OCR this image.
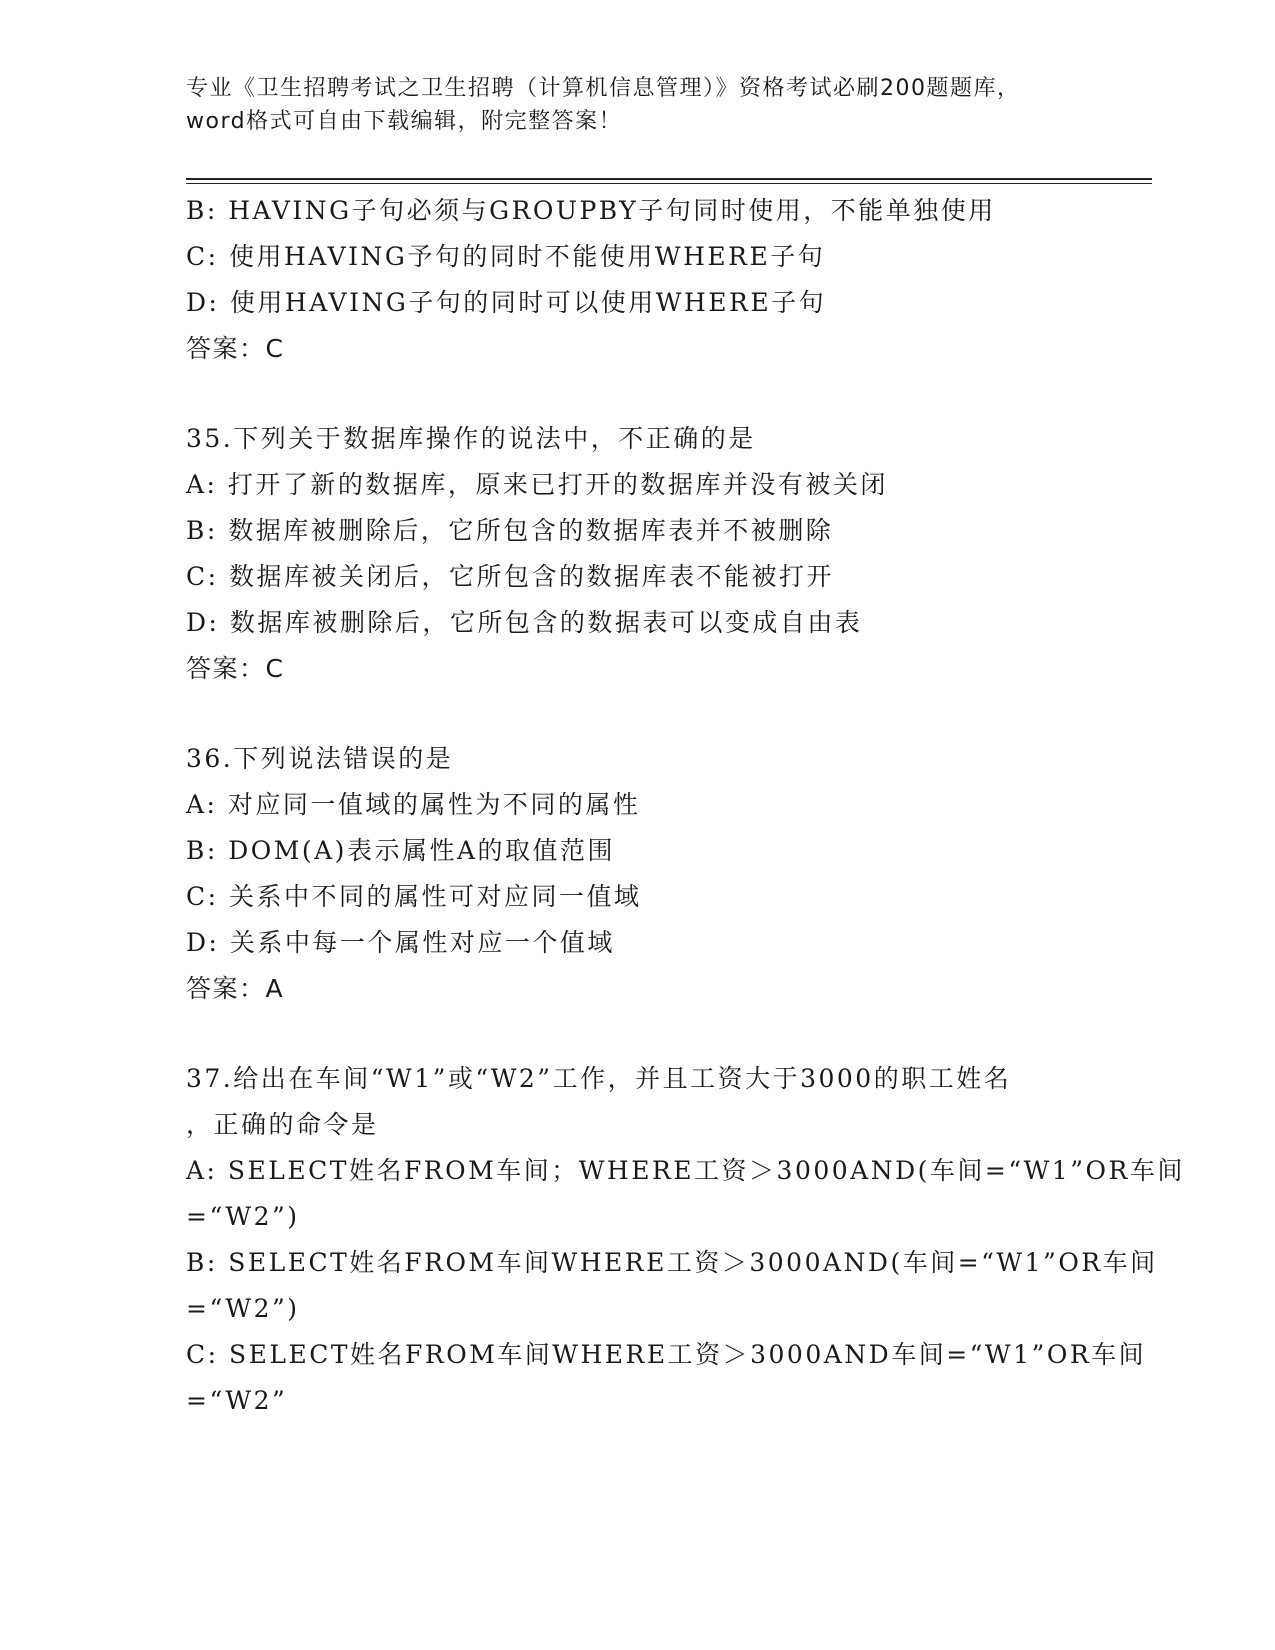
专业《卫生招聘考试之卫生招聘（计算机信息管理）》资格考试必刷200题题库，
word格式可自由下载编辑，附完整答案！
B: HAVING子句必须与GROUPBY子句同时使用，不能单独使用
C: 使用HAVING予句的同时不能使用WHERE子句
D: 使用HAVING子句的同时可以使用WHERE子句
答案：C
35.下列关于数据库操作的说法中，不正确的是
A: 打开了新的数据库，原来已打开的数据库并没有被关闭
B: 数据库被删除后，它所包含的数据库表并不被删除
C: 数据库被关闭后，它所包含的数据库表不能被打开
D: 数据库被删除后，它所包含的数据表可以变成自由表
答案：C
36.下列说法错误的是
A: 对应同一值域的属性为不同的属性
B: DOM(A)表示属性A的取值范围
C: 关系中不同的属性可对应同一值域
D: 关系中每一个属性对应一个值域
答案：A
37.给出在车间“W1”或“W2”工作，并且工资大于3000的职工姓名
，正确的命令是
A: SELECT姓名FROM车间；WHERE工资＞3000AND(车间=“W1”OR车间
=“W2”)
B: SELECT姓名FROM车间WHERE工资＞3000AND(车间=“W1”OR车间
=“W2”)
C: SELECT姓名FROM车间WHERE工资＞3000AND车间=“W1”OR车间
=“W2”
